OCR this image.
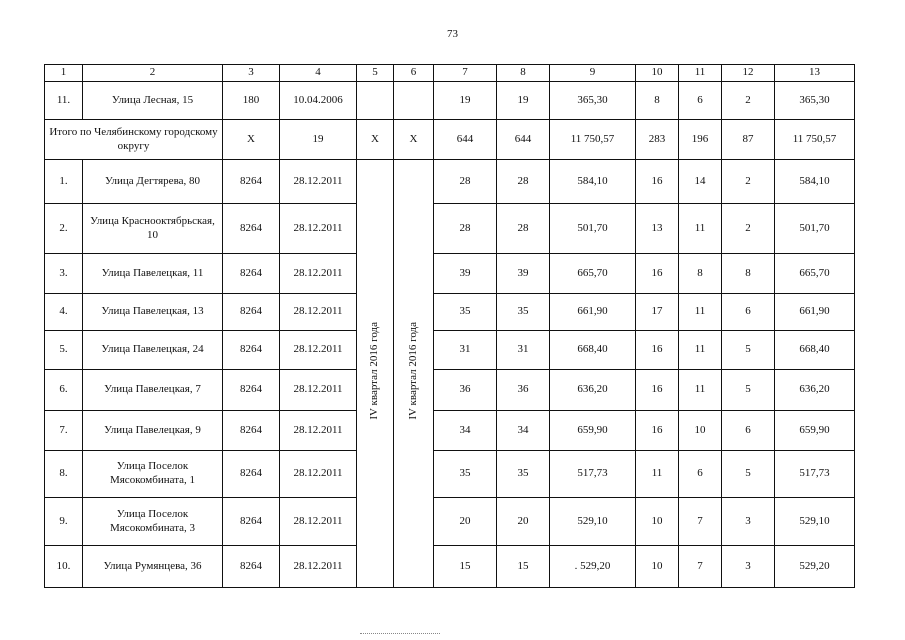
73
1	2	3	4	5	6	7	8	9	10	11	12	13
11.	Улица Лесная, 15	180	10.04.2006			19	19	365,30	8	6	2	365,30
Итого по Челябинскому городскому округу		X	19	X	X	644	644	11 750,57	283	196	87	11 750,57
1.	Улица Дегтярева, 80	8264	28.12.2011	IV квартал 2016 года	IV квартал 2016 года	28	28	584,10	16	14	2	584,10
2.	Улица Краснооктябрьская, 10	8264	28.12.2011			28	28	501,70	13	11	2	501,70
3.	Улица Павелецкая, 11	8264	28.12.2011			39	39	665,70	16	8	8	665,70
4.	Улица Павелецкая, 13	8264	28.12.2011			35	35	661,90	17	11	6	661,90
5.	Улица Павелецкая, 24	8264	28.12.2011			31	31	668,40	16	11	5	668,40
6.	Улица Павелецкая, 7	8264	28.12.2011			36	36	636,20	16	11	5	636,20
7.	Улица Павелецкая, 9	8264	28.12.2011			34	34	659,90	16	10	6	659,90
8.	Улица Поселок Мясокомбината, 1	8264	28.12.2011			35	35	517,73	11	6	5	517,73
9.	Улица Поселок Мясокомбината, 3	8264	28.12.2011			20	20	529,10	10	7	3	529,10
10.	Улица Румянцева, 36	8264	28.12.2011			15	15	. 529,20	10	7	3	529,20
